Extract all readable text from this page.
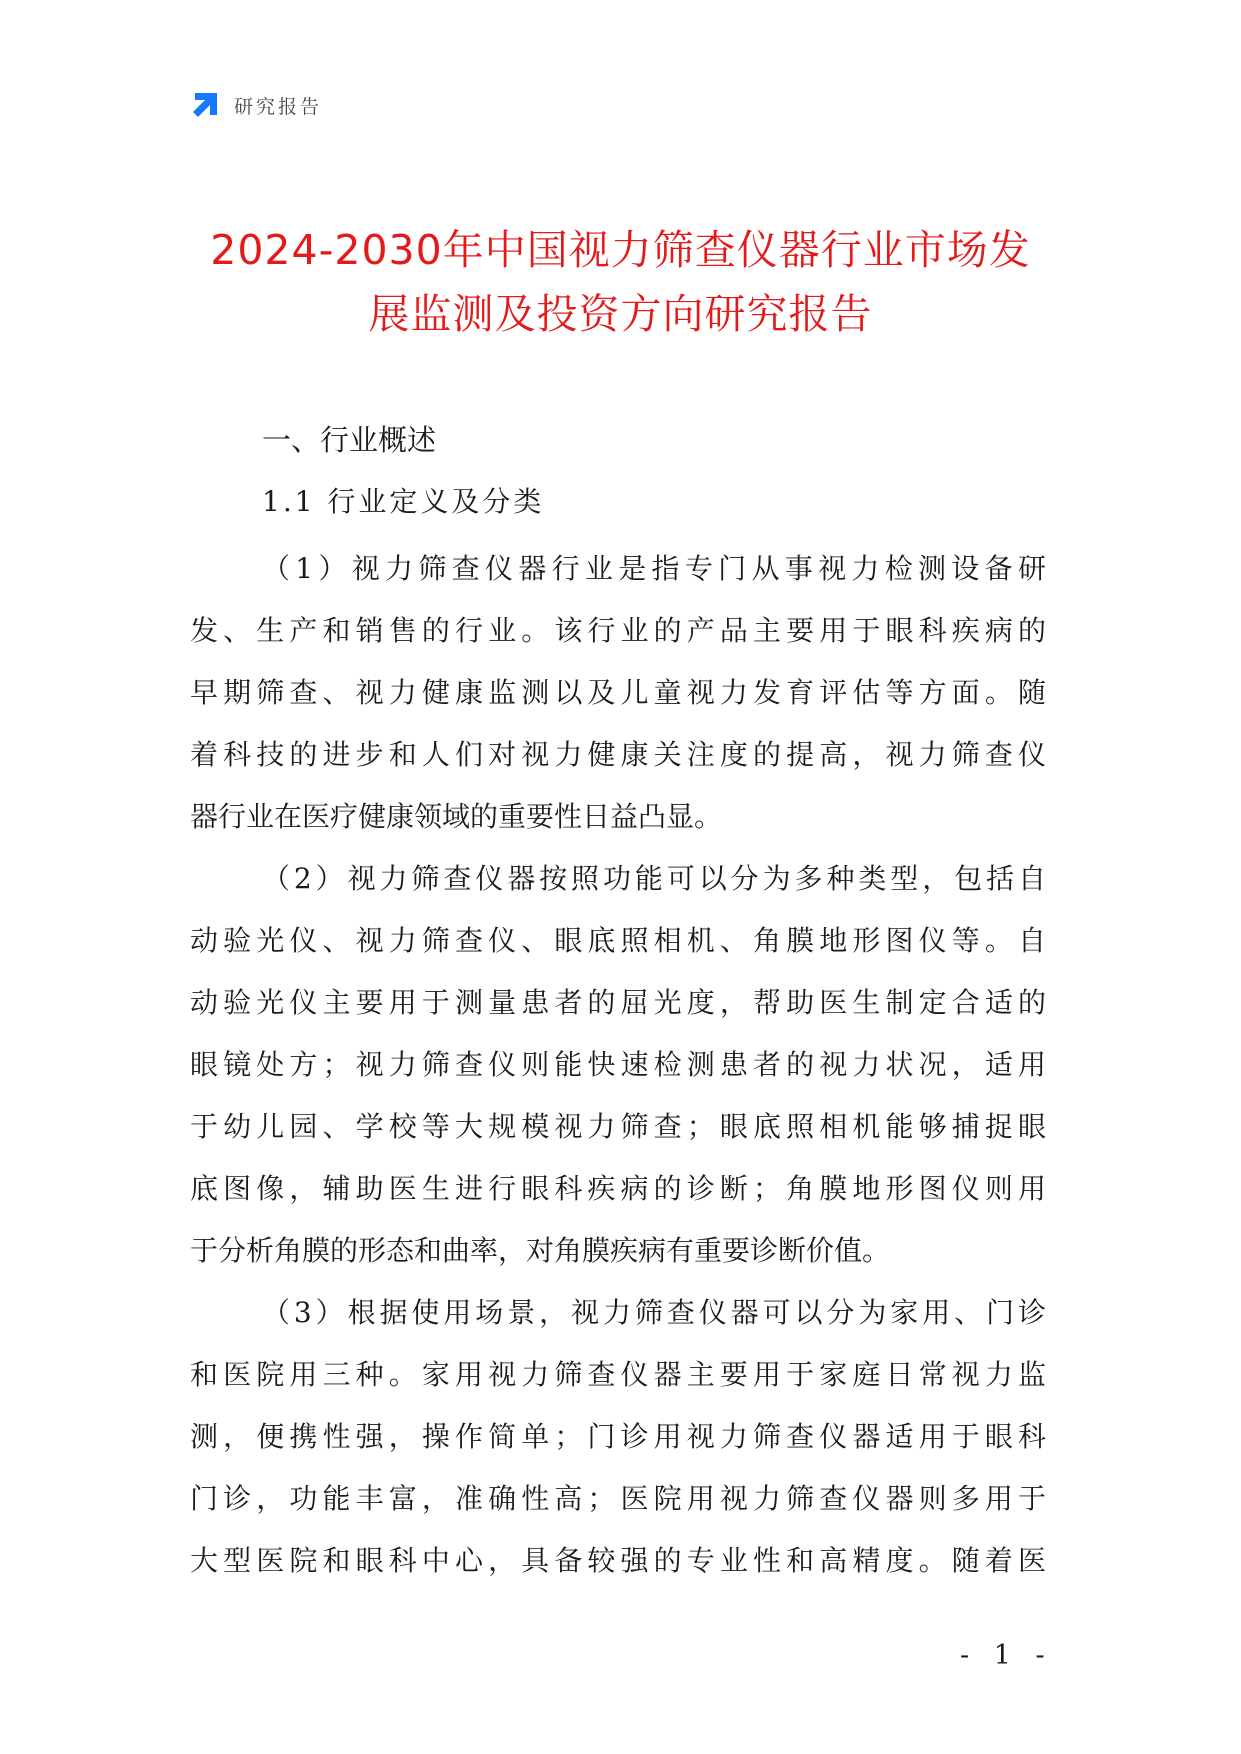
研究报告
2024-2030年中国视力筛查仪器行业市场发
展监测及投资方向研究报告
一、行业概述
1.1 行业定义及分类

（1）视力筛查仪器行业是指专门从事视力检测设备研
发、生产和销售的行业。该行业的产品主要用于眼科疾病的
早期筛查、视力健康监测以及儿童视力发育评估等方面。随
着科技的进步和人们对视力健康关注度的提高，视力筛查仪
器行业在医疗健康领域的重要性日益凸显。

（2）视力筛查仪器按照功能可以分为多种类型，包括自
动验光仪、视力筛查仪、眼底照相机、角膜地形图仪等。自
动验光仪主要用于测量患者的屈光度，帮助医生制定合适的
眼镜处方；视力筛查仪则能快速检测患者的视力状况，适用
于幼儿园、学校等大规模视力筛查；眼底照相机能够捕捉眼
底图像，辅助医生进行眼科疾病的诊断；角膜地形图仪则用
于分析角膜的形态和曲率，对角膜疾病有重要诊断价值。

（3）根据使用场景，视力筛查仪器可以分为家用、门诊
和医院用三种。家用视力筛查仪器主要用于家庭日常视力监
测，便携性强，操作简单；门诊用视力筛查仪器适用于眼科
门诊，功能丰富，准确性高；医院用视力筛查仪器则多用于
大型医院和眼科中心，具备较强的专业性和高精度。随着医

- 1 -
